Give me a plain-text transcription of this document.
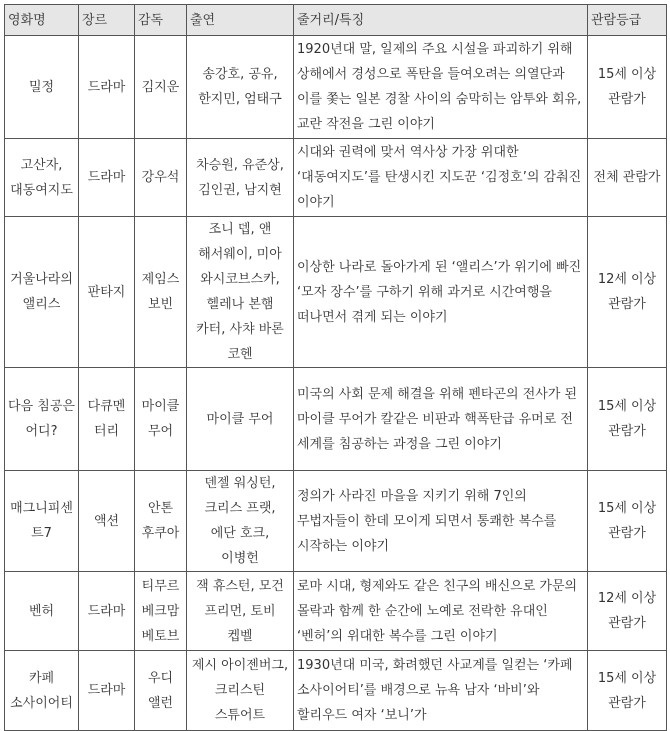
영화명	장르	감독	출연	줄거리/특징	관람등급
밀정	드라마	김지운	송강호, 공유, 한지민, 엄태구	1920년대 말, 일제의 주요 시설을 파괴하기 위해 상해에서 경성으로 폭탄을 들여오려는 의열단과 이를 쫓는 일본 경찰 사이의 숨막히는 암투와 회유, 교란 작전을 그린 이야기	15세 이상 관람가
고산자, 대동여지도	드라마	강우석	차승원, 유준상, 김인권, 남지현	시대와 권력에 맞서 역사상 가장 위대한 ‘대동여지도’를 탄생시킨 지도꾼 ‘김정호’의 감춰진 이야기	전체 관람가
거울나라의 앨리스	판타지	제임스 보빈	조니 뎁, 앤 해서웨이, 미아 와시코브스카, 헬레나 본햄 카터, 사챠 바론 코헨	이상한 나라로 돌아가게 된 ‘앨리스’가 위기에 빠진 ‘모자 장수’를 구하기 위해 과거로 시간여행을 떠나면서 겪게 되는 이야기	12세 이상 관람가
다음 침공은 어디?	다큐멘터리	마이클 무어	마이클 무어	미국의 사회 문제 해결을 위해 펜타곤의 전사가 된 마이클 무어가 칼같은 비판과 핵폭탄급 유머로 전 세계를 침공하는 과정을 그린 이야기	15세 이상 관람가
매그니피센트7	액션	안톤 후쿠아	덴젤 워싱턴, 크리스 프랫, 에단 호크, 이병헌	정의가 사라진 마을을 지키기 위해 7인의 무법자들이 한데 모이게 되면서 통쾌한 복수를 시작하는 이야기	15세 이상 관람가
벤허	드라마	티무르 베크맘베토브	잭 휴스턴, 모건 프리먼, 토비 켑벨	로마 시대, 형제와도 같은 친구의 배신으로 가문의 몰락과 함께 한 순간에 노예로 전락한 유대인 ‘벤허’의 위대한 복수를 그린 이야기	12세 이상 관람가
카페 소사이어티	드라마	우디 앨런	제시 아이젠버그, 크리스틴 스튜어트	1930년대 미국, 화려했던 사교계를 일컫는 ‘카페 소사이어티’를 배경으로 뉴욕 남자 ‘바비’와 할리우드 여자 ‘보니’가	15세 이상 관람가
